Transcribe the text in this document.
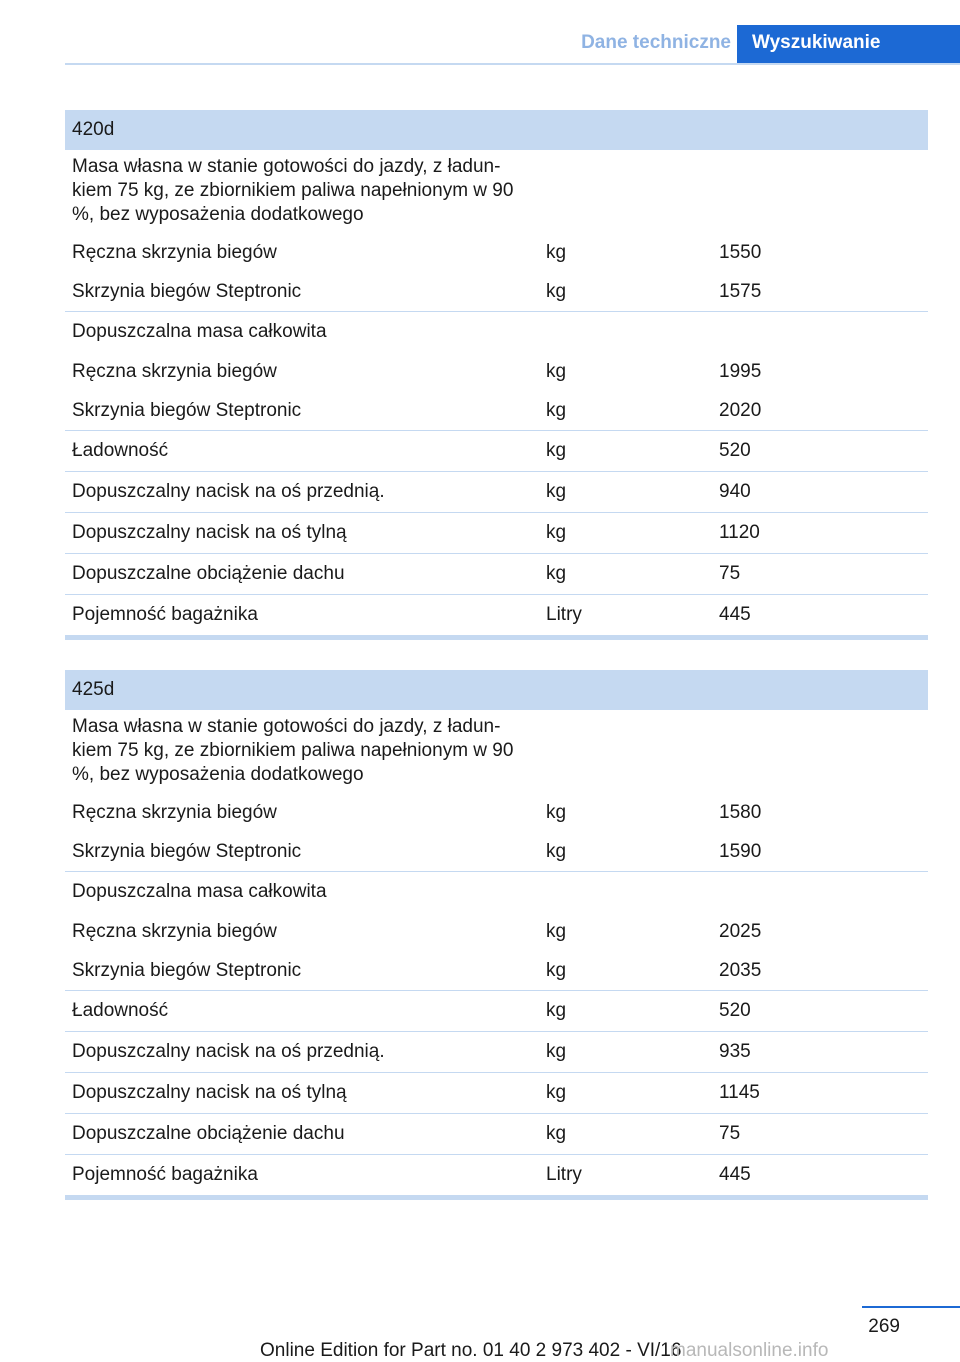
Dane techniczne	Wyszukiwanie
420d
Masa własna w stanie gotowości do jazdy, z ładunkiem 75 kg, ze zbiornikiem paliwa napełnionym w 90 %, bez wyposażenia dodatkowego
Ręczna skrzynia biegów	kg	1550
Skrzynia biegów Steptronic	kg	1575
Dopuszczalna masa całkowita
Ręczna skrzynia biegów	kg	1995
Skrzynia biegów Steptronic	kg	2020
Ładowność	kg	520
Dopuszczalny nacisk na oś przednią.	kg	940
Dopuszczalny nacisk na oś tylną	kg	1120
Dopuszczalne obciążenie dachu	kg	75
Pojemność bagażnika	Litry	445
425d
Masa własna w stanie gotowości do jazdy, z ładunkiem 75 kg, ze zbiornikiem paliwa napełnionym w 90 %, bez wyposażenia dodatkowego
Ręczna skrzynia biegów	kg	1580
Skrzynia biegów Steptronic	kg	1590
Dopuszczalna masa całkowita
Ręczna skrzynia biegów	kg	2025
Skrzynia biegów Steptronic	kg	2035
Ładowność	kg	520
Dopuszczalny nacisk na oś przednią.	kg	935
Dopuszczalny nacisk na oś tylną	kg	1145
Dopuszczalne obciążenie dachu	kg	75
Pojemność bagażnika	Litry	445
269
Online Edition for Part no. 01 40 2 973 402 - VI/16
manualsonline.info
